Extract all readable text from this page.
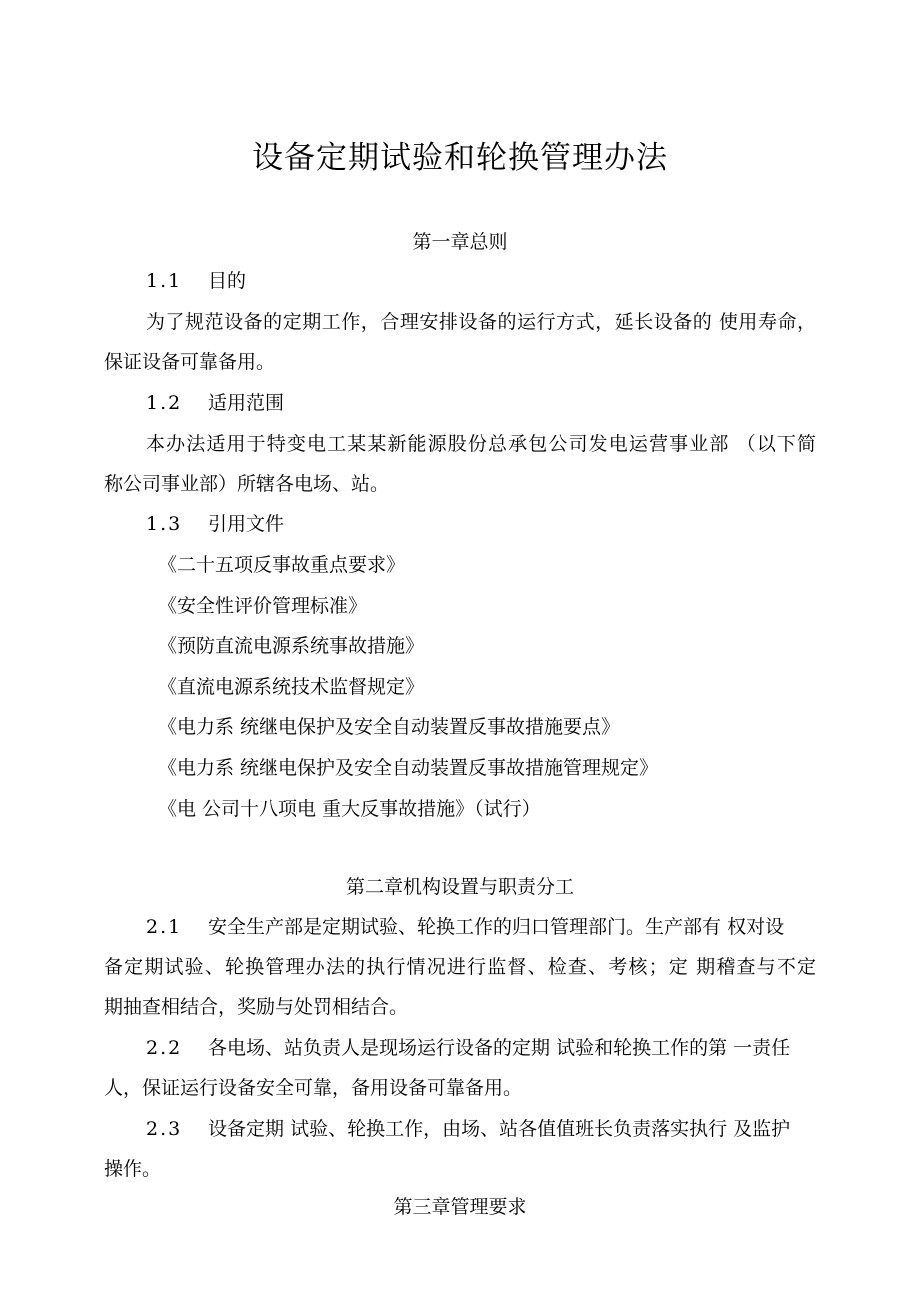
设备定期试验和轮换管理办法
第一章总则
1.1 目的
为了规范设备的定期工作，合理安排设备的运行方式，延长设备的 使用寿命，
保证设备可靠备用。
1.2 适用范围
本办法适用于特变电工某某新能源股份总承包公司发电运营事业部 （以下简
称公司事业部）所辖各电场、站。
1.3 引用文件
《二十五项反事故重点要求》
《安全性评价管理标准》
《预防直流电源系统事故措施》
《直流电源系统技术监督规定》
《电力系 统继电保护及安全自动装置反事故措施要点》
《电力系 统继电保护及安全自动装置反事故措施管理规定》
《电 公司十八项电 重大反事故措施》（试行）
第二章机构设置与职责分工
2.1 安全生产部是定期试验、轮换工作的归口管理部门。生产部有 权对设
备定期试验、轮换管理办法的执行情况进行监督、检查、考核；定 期稽查与不定
期抽查相结合，奖励与处罚相结合。
2.2 各电场、站负责人是现场运行设备的定期 试验和轮换工作的第 一责任
人，保证运行设备安全可靠，备用设备可靠备用。
2.3 设备定期 试验、轮换工作，由场、站各值值班长负责落实执行 及监护
操作。
第三章管理要求
